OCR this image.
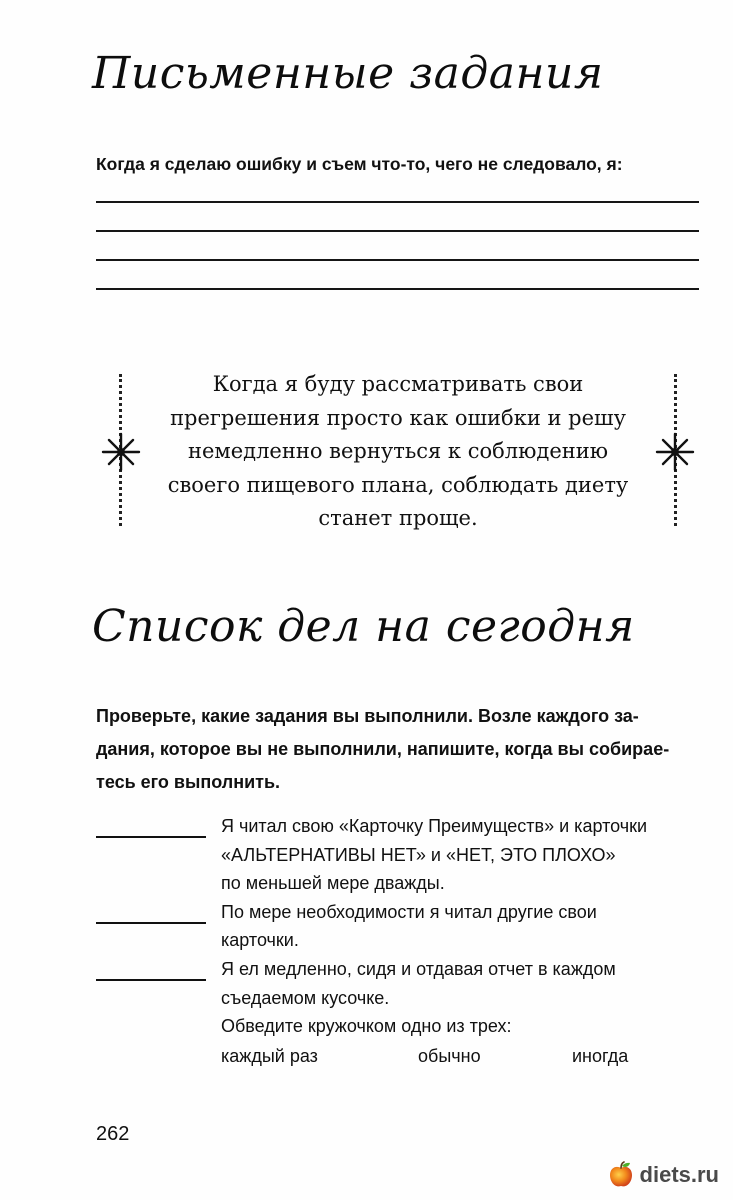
Письменные задания

Когда я сделаю ошибку и съем что-то, чего не следовало, я:

Когда я буду рассматривать свои
прегрешения просто как ошибки и решу
немедленно вернуться к соблюдению
своего пищевого плана, соблюдать диету
станет проще.

Список дел на сегодня

Проверьте, какие задания вы выполнили. Возле каждого за-
дания, которое вы не выполнили, напишите, когда вы собирае-
тесь его выполнить.

Я читал свою «Карточку Преимуществ» и карточки
«АЛЬТЕРНАТИВЫ НЕТ» и «НЕТ, ЭТО ПЛОХО»
по меньшей мере дважды.
По мере необходимости я читал другие свои
карточки.
Я ел медленно, сидя и отдавая отчет в каждом
съедаемом кусочке.
Обведите кружочком одно из трех:
каждый раз	обычно	иногда

262

diets.ru
